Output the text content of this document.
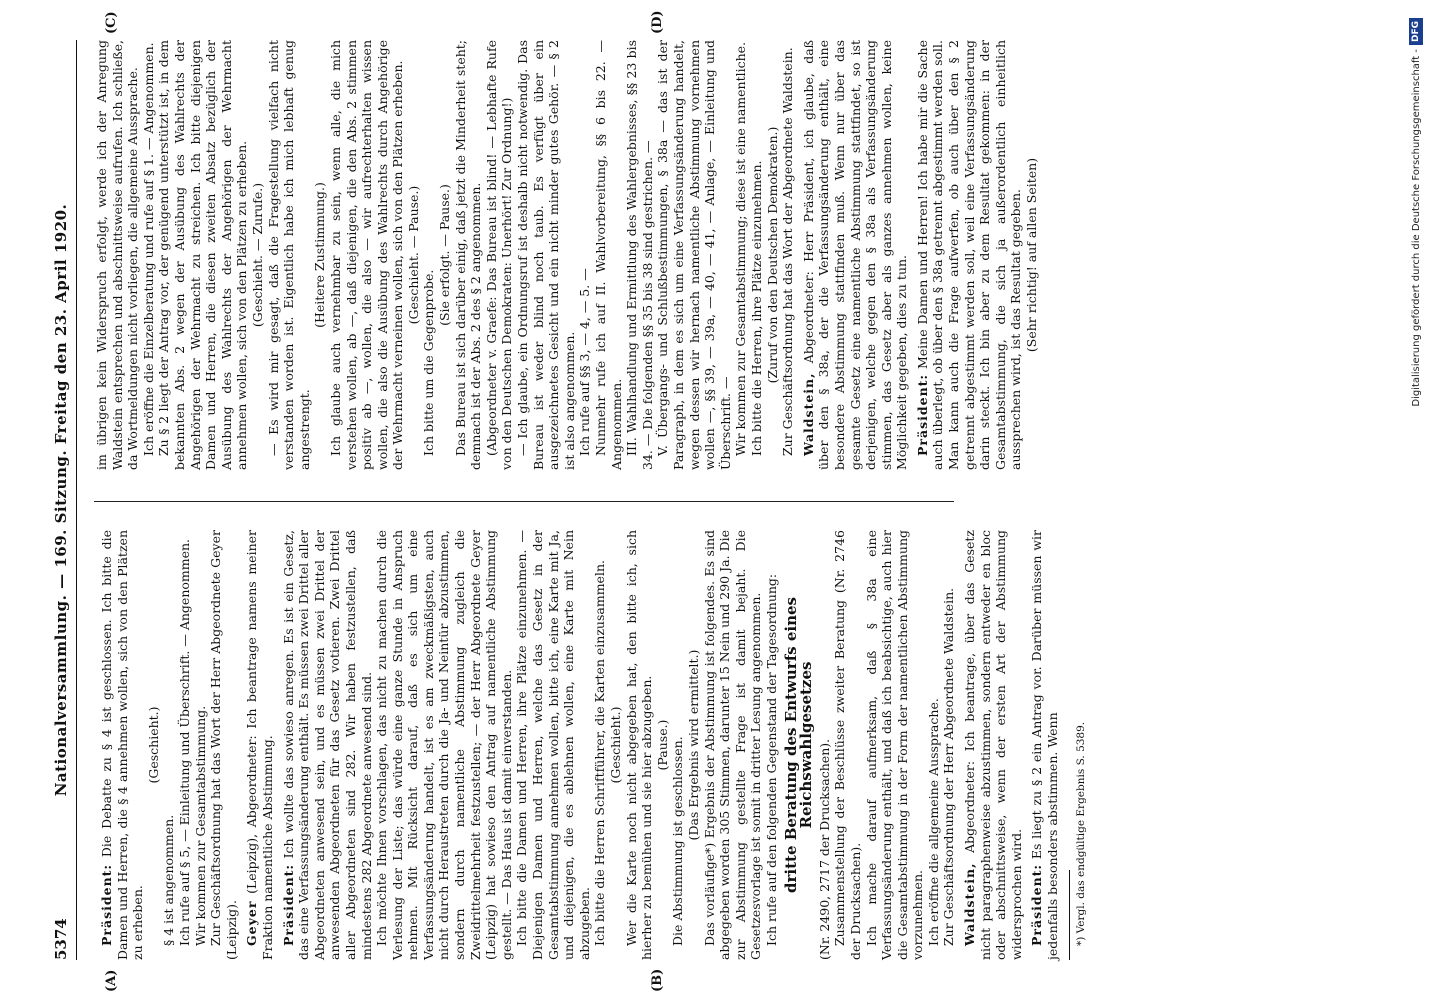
5374
Nationalversammlung. — 169. Sitzung. Freitag den 23. April 1920.
(A)	(B)
(C)	(D)

Präsident: Die Debatte zu § 4 ist geschlossen. Ich bitte die Damen und Herren, die § 4 annehmen wollen, sich von den Plätzen zu erheben.

(Geschieht.)

§ 4 ist angenommen. Ich rufe auf § 5, — Einleitung und Überschrift. — Angenommen. Wir kommen zur Gesamtabstimmung. Zur Geschäftsordnung hat das Wort der Herr Abgeordnete Geyer (Leipzig). Geyer (Leipzig), Abgeordneter: Ich beantrage namens meiner Fraktion namentliche Abstimmung. Präsident: Ich wollte das sowieso anregen. Es ist ein Gesetz, das eine Verfassungsänderung enthält. Es müssen zwei Drittel aller Abgeordneten anwesend sein, und es müssen zwei Drittel der anwesenden Abgeordneten für das Gesetz votieren. Zwei Drittel aller Abgeordneten sind 282. Wir haben festzustellen, daß mindestens 282 Abgeordnete anwesend sind. Ich möchte Ihnen vorschlagen, das nicht zu machen durch die Verlesung der Liste; das würde eine ganze Stunde in Anspruch nehmen. Mit Rücksicht darauf, daß es sich um eine Verfassungsänderung handelt, ist es am zweckmäßigsten, auch nicht durch Heraustreten durch die Ja- und Neintür abzustimmen, sondern durch namentliche Abstimmung zugleich die Zweidrittelmehrheit festzustellen; — der Herr Abgeordnete Geyer (Leipzig) hat sowieso den Antrag auf namentliche Abstimmung gestellt. — Das Haus ist damit einverstanden. Ich bitte die Damen und Herren, ihre Plätze einzunehmen. — Diejenigen Damen und Herren, welche das Gesetz in der Gesamtabstimmung annehmen wollen, bitte ich, eine Karte mit Ja, und diejenigen, die es ablehnen wollen, eine Karte mit Nein abzugeben. Ich bitte die Herren Schriftführer, die Karten einzusammeln. (Geschieht.) Wer die Karte noch nicht abgegeben hat, den bitte ich, sich hierher zu bemühen und sie hier abzugeben. (Pause.) Die Abstimmung ist geschlossen. (Das Ergebnis wird ermittelt.) Das vorläufige*) Ergebnis der Abstimmung ist folgendes. Es sind abgegeben worden 305 Stimmen, darunter 15 Nein und 290 Ja. Die zur Abstimmung gestellte Frage ist damit bejaht. Die Gesetzesvorlage ist somit in dritter Lesung angenommen. Ich rufe auf den folgenden Gegenstand der Tagesordnung: dritte Beratung des Entwurfs eines Reichswahlgesetzes (Nr. 2490, 2717 der Drucksachen). Zusammenstellung der Beschlüsse zweiter Beratung (Nr. 2746 der Drucksachen). Ich mache darauf aufmerksam, daß § 38a eine Verfassungsänderung enthält, und daß ich beabsichtige, auch hier die Gesamtabstimmung in der Form der namentlichen Abstimmung vorzunehmen. Ich eröffne die allgemeine Aussprache. Zur Geschäftsordnung der Herr Abgeordnete Waldstein. Waldstein, Abgeordneter: Ich beantrage, über das Gesetz nicht paragraphenweise abzustimmen, sondern entweder en bloc oder abschnittsweise, wenn der ersten Art der Abstimmung widersprochen wird. Präsident: Es liegt zu § 2 ein Antrag vor. Darüber müssen wir jedenfalls besonders abstimmen. Wenn *) Vergl. das endgültige Ergebnis S. 5389.

im übrigen kein Widerspruch erfolgt, werde ich der Anregung Waldstein entsprechen und abschnittsweise aufrufen. Ich schließe, da Wortmeldungen nicht vorliegen, die allgemeine Aussprache. Ich eröffne die Einzelberatung und rufe auf § 1. — Angenommen. Zu § 2 liegt der Antrag vor, der genügend unterstützt ist, in dem bekannten Abs. 2 wegen der Ausübung des Wahlrechts der Angehörigen der Wehrmacht zu streichen. Ich bitte diejenigen Damen und Herren, die diesen zweiten Absatz bezüglich der Ausübung des Wahlrechts der Angehörigen der Wehrmacht annehmen wollen, sich von den Plätzen zu erheben. (Geschieht. — Zurufe.) — Es wird mir gesagt, daß die Fragestellung vielfach nicht verstanden worden ist. Eigentlich habe ich mich lebhaft genug angestrengt.

(Heitere Zustimmung.) Ich glaube auch vernehmbar zu sein, wenn alle, die mich verstehen wollen, ab —, daß diejenigen, die den Abs. 2 stimmen positiv ab —, wollen, die also — wir aufrechterhalten wissen wollen, die also die Ausübung des Wahlrechts durch Angehörige der Wehrmacht verneinen wollen, sich von den Plätzen erheben. (Geschieht. — Pause.)

Ich bitte um die Gegenprobe.

(Sie erfolgt. — Pause.) Das Bureau ist sich darüber einig, daß jetzt die Minderheit steht; demnach ist der Abs. 2 des § 2 angenommen. (Abgeordneter v. Graefe: Das Bureau ist blind! — Lebhafte Rufe von den Deutschen Demokraten: Unerhört! Zur Ordnung!) — Ich glaube, ein Ordnungsruf ist deshalb nicht notwendig. Das Bureau ist weder blind noch taub. Es verfügt über ein ausgezeichnetes Gesicht und ein nicht minder gutes Gehör. — § 2 ist also angenommen. Ich rufe auf §§ 3, — 4, — 5. — Nunmehr rufe ich auf II. Wahlvorbereitung, §§ 6 bis 22. — Angenommen. III. Wahlhandlung und Ermittlung des Wahlergebnisses, §§ 23 bis 34. — Die folgenden §§ 35 bis 38 sind gestrichen. — V. Übergangs- und Schlußbestimmungen, § 38a — das ist der Paragraph, in dem es sich um eine Verfassungsänderung handelt, wegen dessen wir hernach namentliche Abstimmung vornehmen wollen —, §§ 39, — 39a, — 40, — 41, — Anlage, — Einleitung und Überschrift. — Wir kommen zur Gesamtabstimmung; diese ist eine namentliche. Ich bitte die Herren, ihre Plätze einzunehmen. (Zuruf von den Deutschen Demokraten.) Zur Geschäftsordnung hat das Wort der Abgeordnete Waldstein. Waldstein, Abgeordneter: Herr Präsident, ich glaube, daß über den § 38a, der die Verfassungsänderung enthält, eine besondere Abstimmung stattfinden muß. Wenn nur über das gesamte Gesetz eine namentliche Abstimmung stattfindet, so ist derjenigen, welche gegen den § 38a als Verfassungsänderung stimmen, das Gesetz aber als ganzes annehmen wollen, keine Möglichkeit gegeben, dies zu tun. Präsident: Meine Damen und Herren! Ich habe mir die Sache auch überlegt, ob über den § 38a getrennt abgestimmt werden soll. Man kann auch die Frage aufwerfen, ob auch über den § 2 getrennt abgestimmt werden soll, weil eine Verfassungsänderung darin steckt. Ich bin aber zu dem Resultat gekommen: in der Gesamtabstimmung, die sich ja außerordentlich einheitlich aussprechen wird, ist das Resultat gegeben. (Sehr richtig! auf allen Seiten)	Digitalisierung gefördert durch die Deutsche Forschungsgemeinschaft -DFG
